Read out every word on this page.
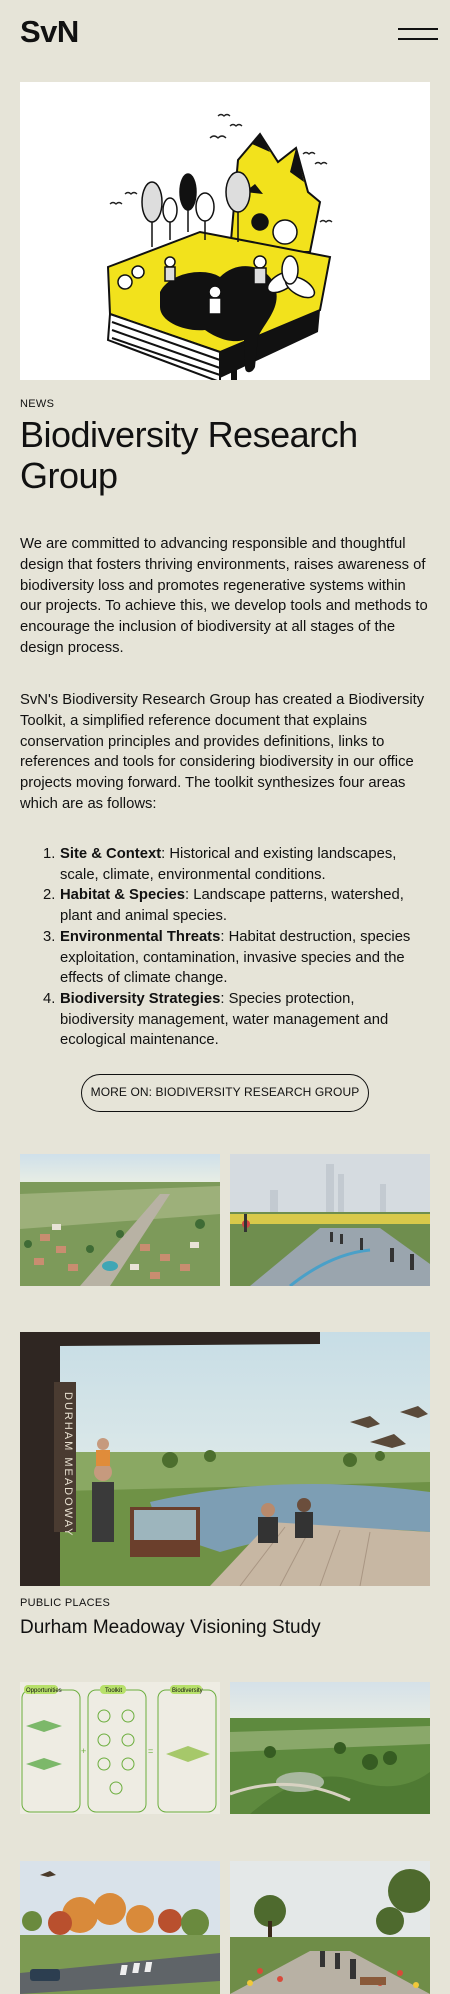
SvN
NEWS
Biodiversity Research Group

We are committed to advancing responsible and thoughtful design that fosters thriving environments, raises awareness of biodiversity loss and promotes regenerative systems within our projects. To achieve this, we develop tools and methods to encourage the inclusion of biodiversity at all stages of the design process.

SvN's Biodiversity Research Group has created a Biodiversity Toolkit, a simplified reference document that explains conservation principles and provides definitions, links to references and tools for considering biodiversity in our office projects moving forward. The toolkit synthesizes four areas which are as follows:

1. Site & Context: Historical and existing landscapes, scale, climate, environmental conditions.
2. Habitat & Species: Landscape patterns, watershed, plant and animal species.
3. Environmental Threats: Habitat destruction, species exploitation, contamination, invasive species and the effects of climate change.
4. Biodiversity Strategies: Species protection, biodiversity management, water management and ecological maintenance.
MORE ON: BIODIVERSITY RESEARCH GROUP
DURHAM MEADOWAY
PUBLIC PLACES
Durham Meadoway Visioning Study
Opportunities	Toolkit	Biodiversity
+	=
